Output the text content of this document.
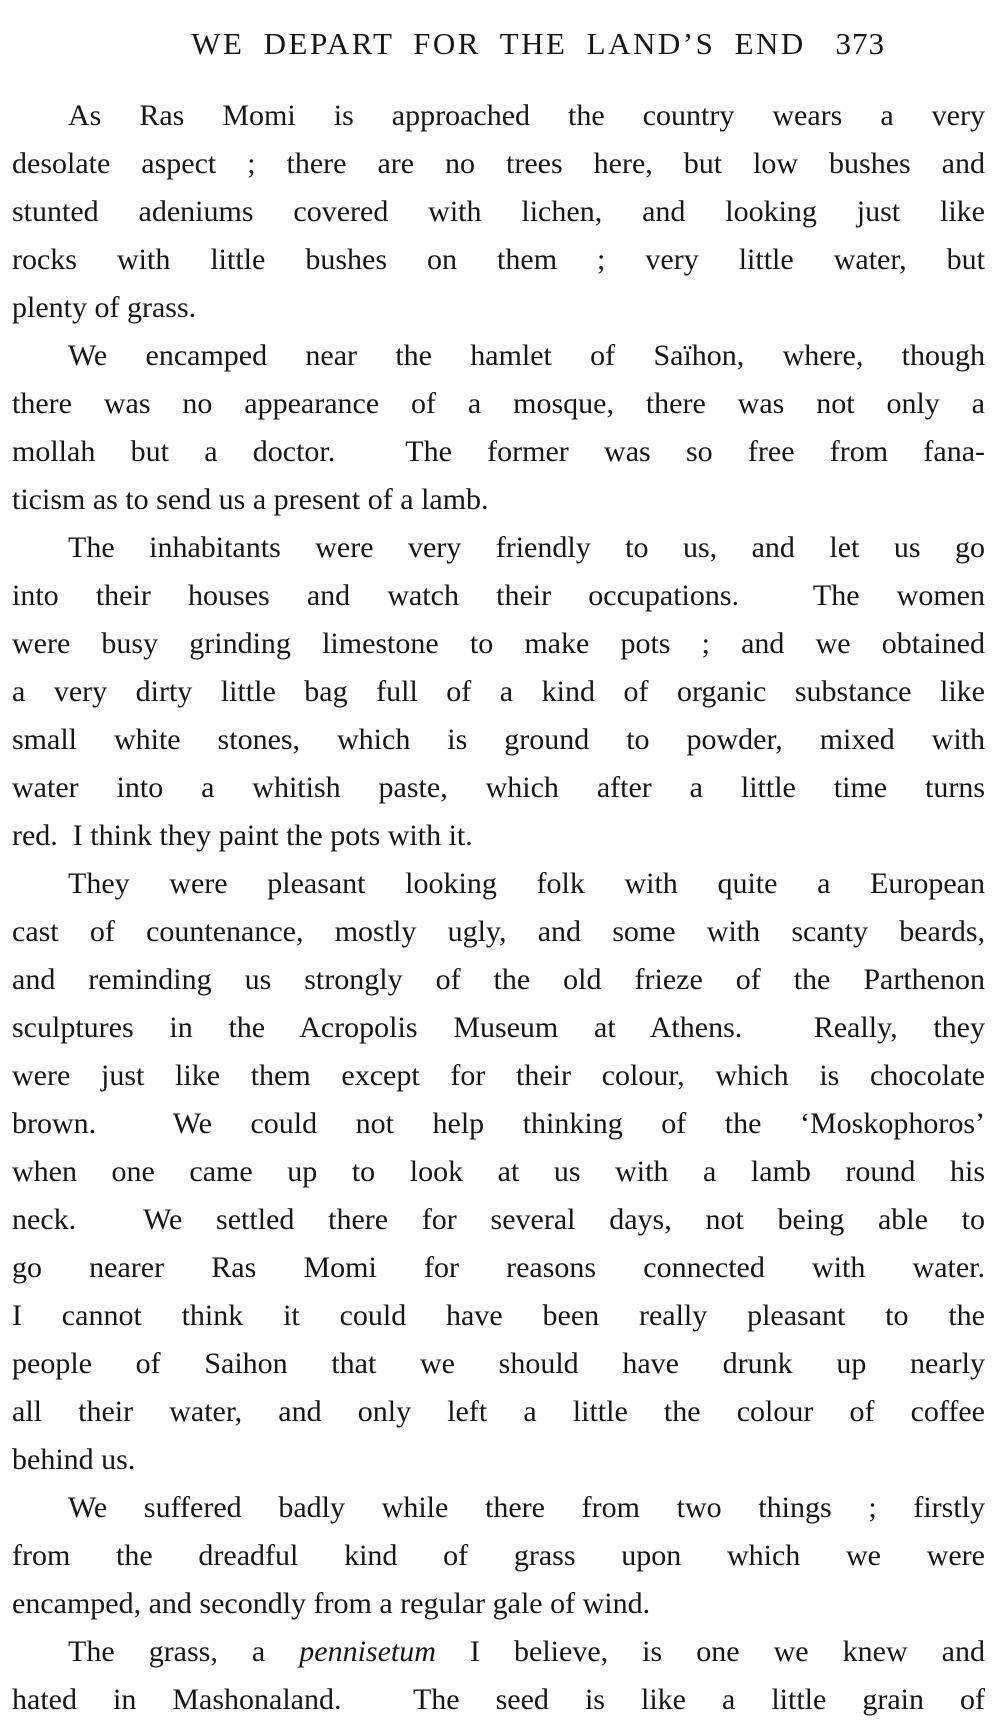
WE DEPART FOR THE LAND’S END 373
As Ras Momi is approached the country wears a very
desolate aspect ; there are no trees here, but low bushes and
stunted adeniums covered with lichen, and looking just like
rocks with little bushes on them ; very little water, but
plenty of grass.
We encamped near the hamlet of Saïhon, where, though
there was no appearance of a mosque, there was not only a
mollah but a doctor.  The former was so free from fana-
ticism as to send us a present of a lamb.
The inhabitants were very friendly to us, and let us go
into their houses and watch their occupations.  The women
were busy grinding limestone to make pots ; and we obtained
a very dirty little bag full of a kind of organic substance like
small white stones, which is ground to powder, mixed with
water into a whitish paste, which after a little time turns
red.  I think they paint the pots with it.
They were pleasant looking folk with quite a European
cast of countenance, mostly ugly, and some with scanty beards,
and reminding us strongly of the old frieze of the Parthenon
sculptures in the Acropolis Museum at Athens.  Really, they
were just like them except for their colour, which is chocolate
brown.  We could not help thinking of the ‘Moskophoros’
when one came up to look at us with a lamb round his
neck.  We settled there for several days, not being able to
go nearer Ras Momi for reasons connected with water.
I cannot think it could have been really pleasant to the
people of Saihon that we should have drunk up nearly
all their water, and only left a little the colour of coffee
behind us.
We suffered badly while there from two things ; firstly
from the dreadful kind of grass upon which we were
encamped, and secondly from a regular gale of wind.
The grass, a pennisetum I believe, is one we knew and
hated in Mashonaland.  The seed is like a little grain of
